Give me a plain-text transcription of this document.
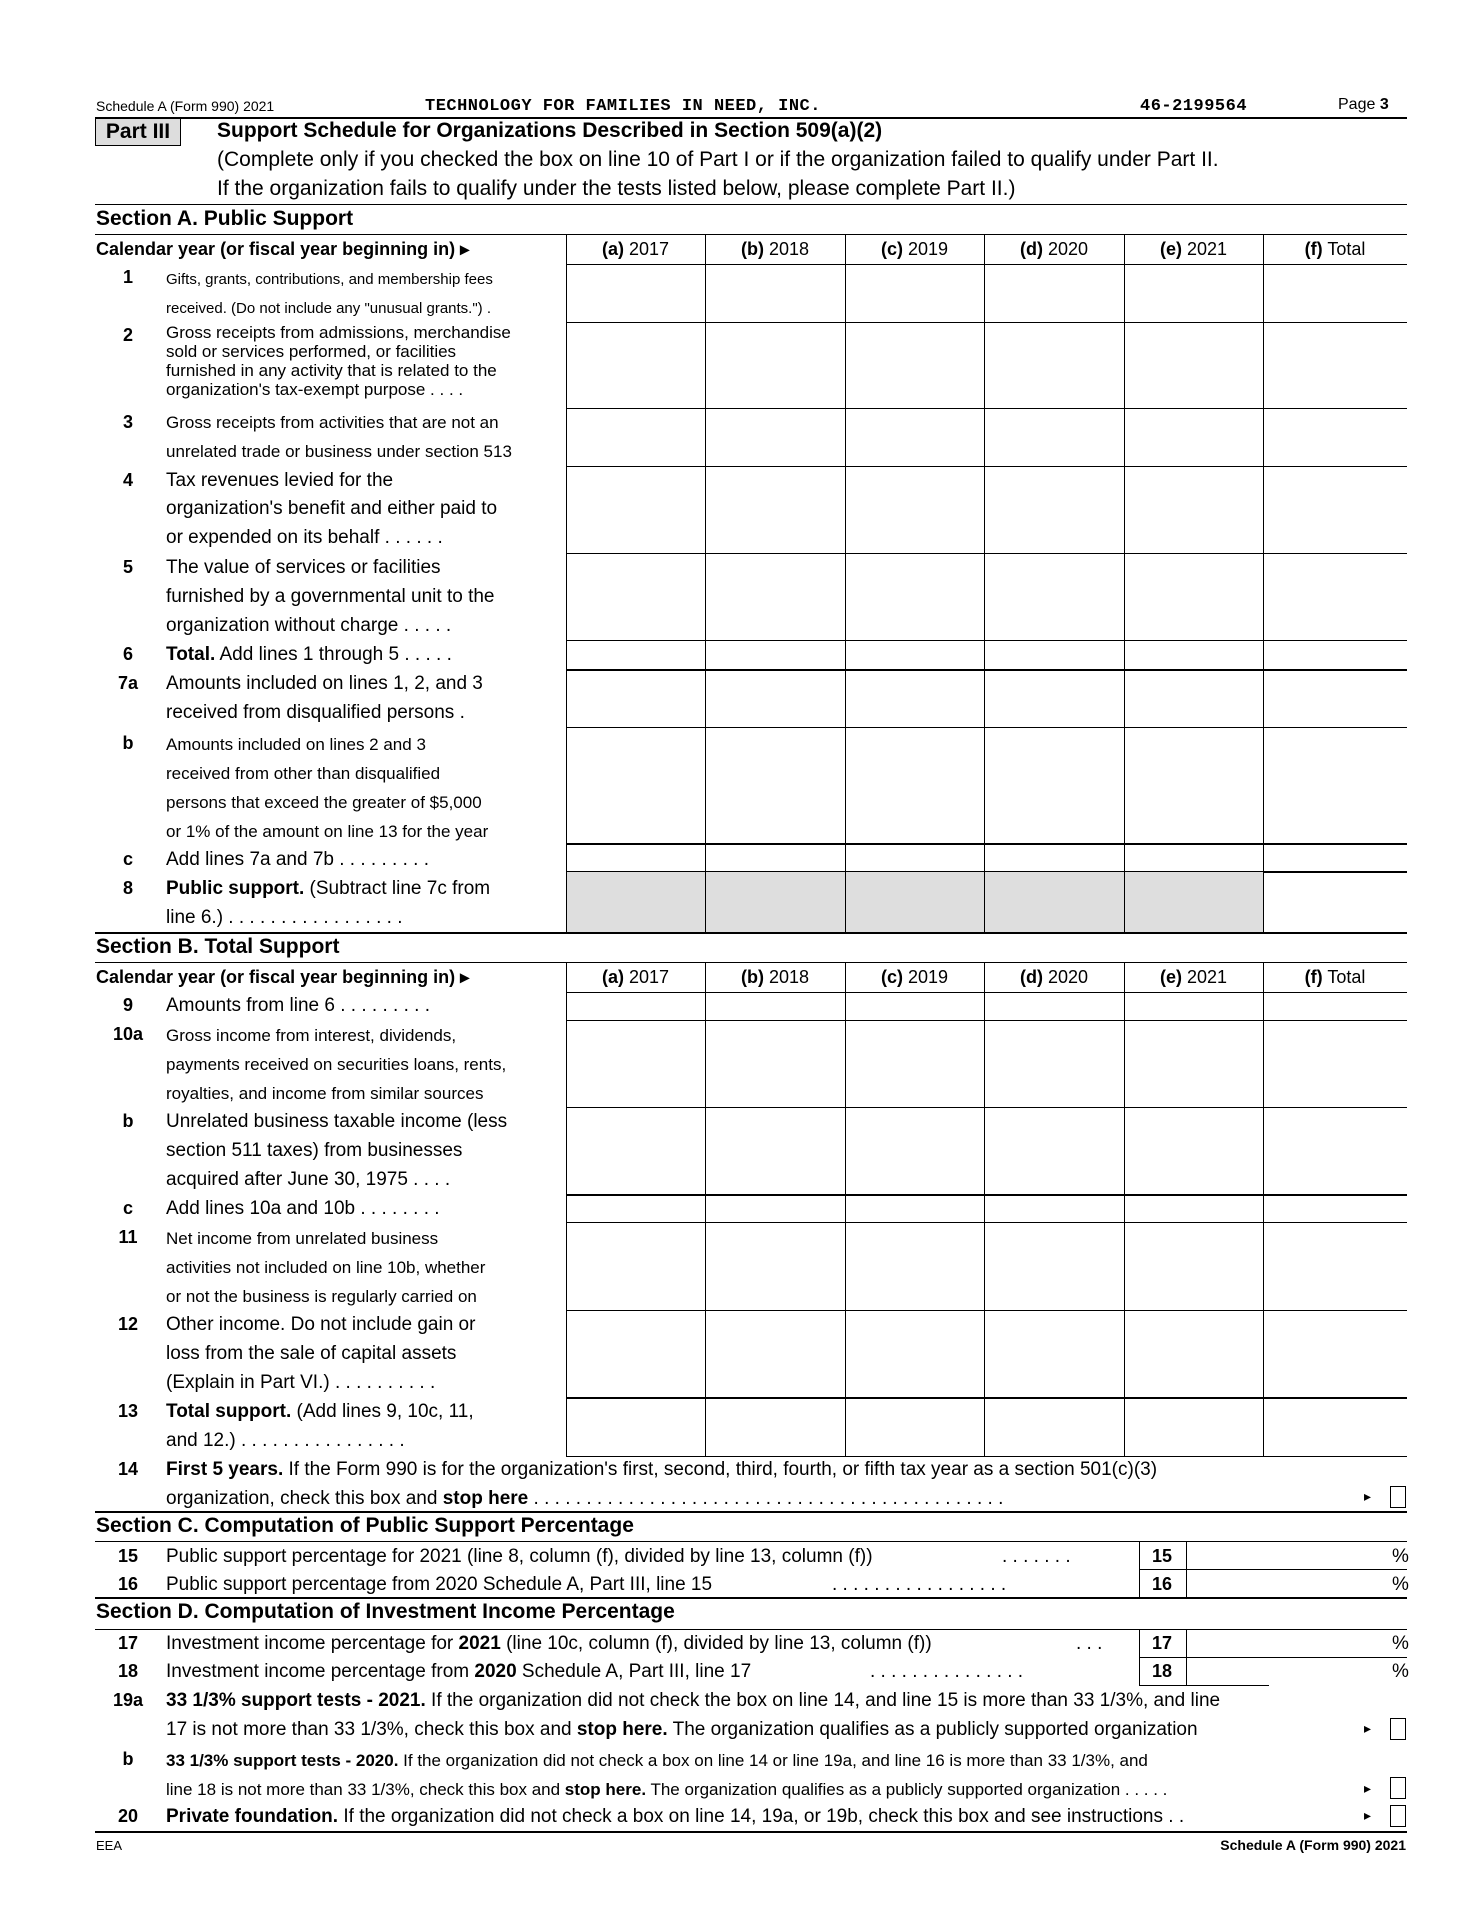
Schedule A (Form 990) 2021	TECHNOLOGY FOR FAMILIES IN NEED, INC.	46-2199564	Page 3
Part III	Support Schedule for Organizations Described in Section 509(a)(2)
(Complete only if you checked the box on line 10 of Part I or if the organization failed to qualify under Part II.
If the organization fails to qualify under the tests listed below, please complete Part II.)
Section A. Public Support
Calendar year (or fiscal year beginning in) ▸	(a) 2017	(b) 2018	(c) 2019	(d) 2020	(e) 2021	(f) Total
1	Gifts, grants, contributions, and membership fees
received. (Do not include any "unusual grants.") .
2	Gross receipts from admissions, merchandise
sold or services performed, or facilities
furnished in any activity that is related to the
organization's tax-exempt purpose . . . .
3	Gross receipts from activities that are not an
unrelated trade or business under section 513
4	Tax revenues levied for the
organization's benefit and either paid to
or expended on its behalf . . . . . .
5	The value of services or facilities
furnished by a governmental unit to the
organization without charge . . . . .
6	Total. Add lines 1 through 5 . . . . .
7a	Amounts included on lines 1, 2, and 3
received from disqualified persons .
b	Amounts included on lines 2 and 3
received from other than disqualified
persons that exceed the greater of $5,000
or 1% of the amount on line 13 for the year
c	Add lines 7a and 7b . . . . . . . . .
8	Public support. (Subtract line 7c from
line 6.) . . . . . . . . . . . . . . . . .
Section B. Total Support
Calendar year (or fiscal year beginning in) ▸	(a) 2017	(b) 2018	(c) 2019	(d) 2020	(e) 2021	(f) Total
9	Amounts from line 6 . . . . . . . . .
10a Gross income from interest, dividends,
payments received on securities loans, rents,
royalties, and income from similar sources
b	Unrelated business taxable income (less
section 511 taxes) from businesses
acquired after June 30, 1975 . . . .
c	Add lines 10a and 10b . . . . . . . .
11	Net income from unrelated business
activities not included on line 10b, whether
or not the business is regularly carried on
12	Other income. Do not include gain or
loss from the sale of capital assets
(Explain in Part VI.) . . . . . . . . . .
13	Total support. (Add lines 9, 10c, 11,
and 12.) . . . . . . . . . . . . . . . .
14	First 5 years. If the Form 990 is for the organization's first, second, third, fourth, or fifth tax year as a section 501(c)(3)
organization, check this box and stop here . . . . . . . . . . . . . . . . . . . . . . . . . . . . . . . . . . . . . . . . . . . . .	▸
Section C. Computation of Public Support Percentage
15	Public support percentage for 2021 (line 8, column (f), divided by line 13, column (f))	. . . . . . .	15	%
16	Public support percentage from 2020 Schedule A, Part III, line 15	. . . . . . . . . . . . . . . . .	16	%
Section D. Computation of Investment Income Percentage
17	Investment income percentage for 2021 (line 10c, column (f), divided by line 13, column (f))	. . .	17	%
18	Investment income percentage from 2020 Schedule A, Part III, line 17	. . . . . . . . . . . . . . .	18	%
19a 33 1/3% support tests - 2021. If the organization did not check the box on line 14, and line 15 is more than 33 1/3%, and line
17 is not more than 33 1/3%, check this box and stop here. The organization qualifies as a publicly supported organization	▸
b	33 1/3% support tests - 2020. If the organization did not check a box on line 14 or line 19a, and line 16 is more than 33 1/3%, and
line 18 is not more than 33 1/3%, check this box and stop here. The organization qualifies as a publicly supported organization . . . . .	▸
20	Private foundation. If the organization did not check a box on line 14, 19a, or 19b, check this box and see instructions . .	▸
EEA	Schedule A (Form 990) 2021
